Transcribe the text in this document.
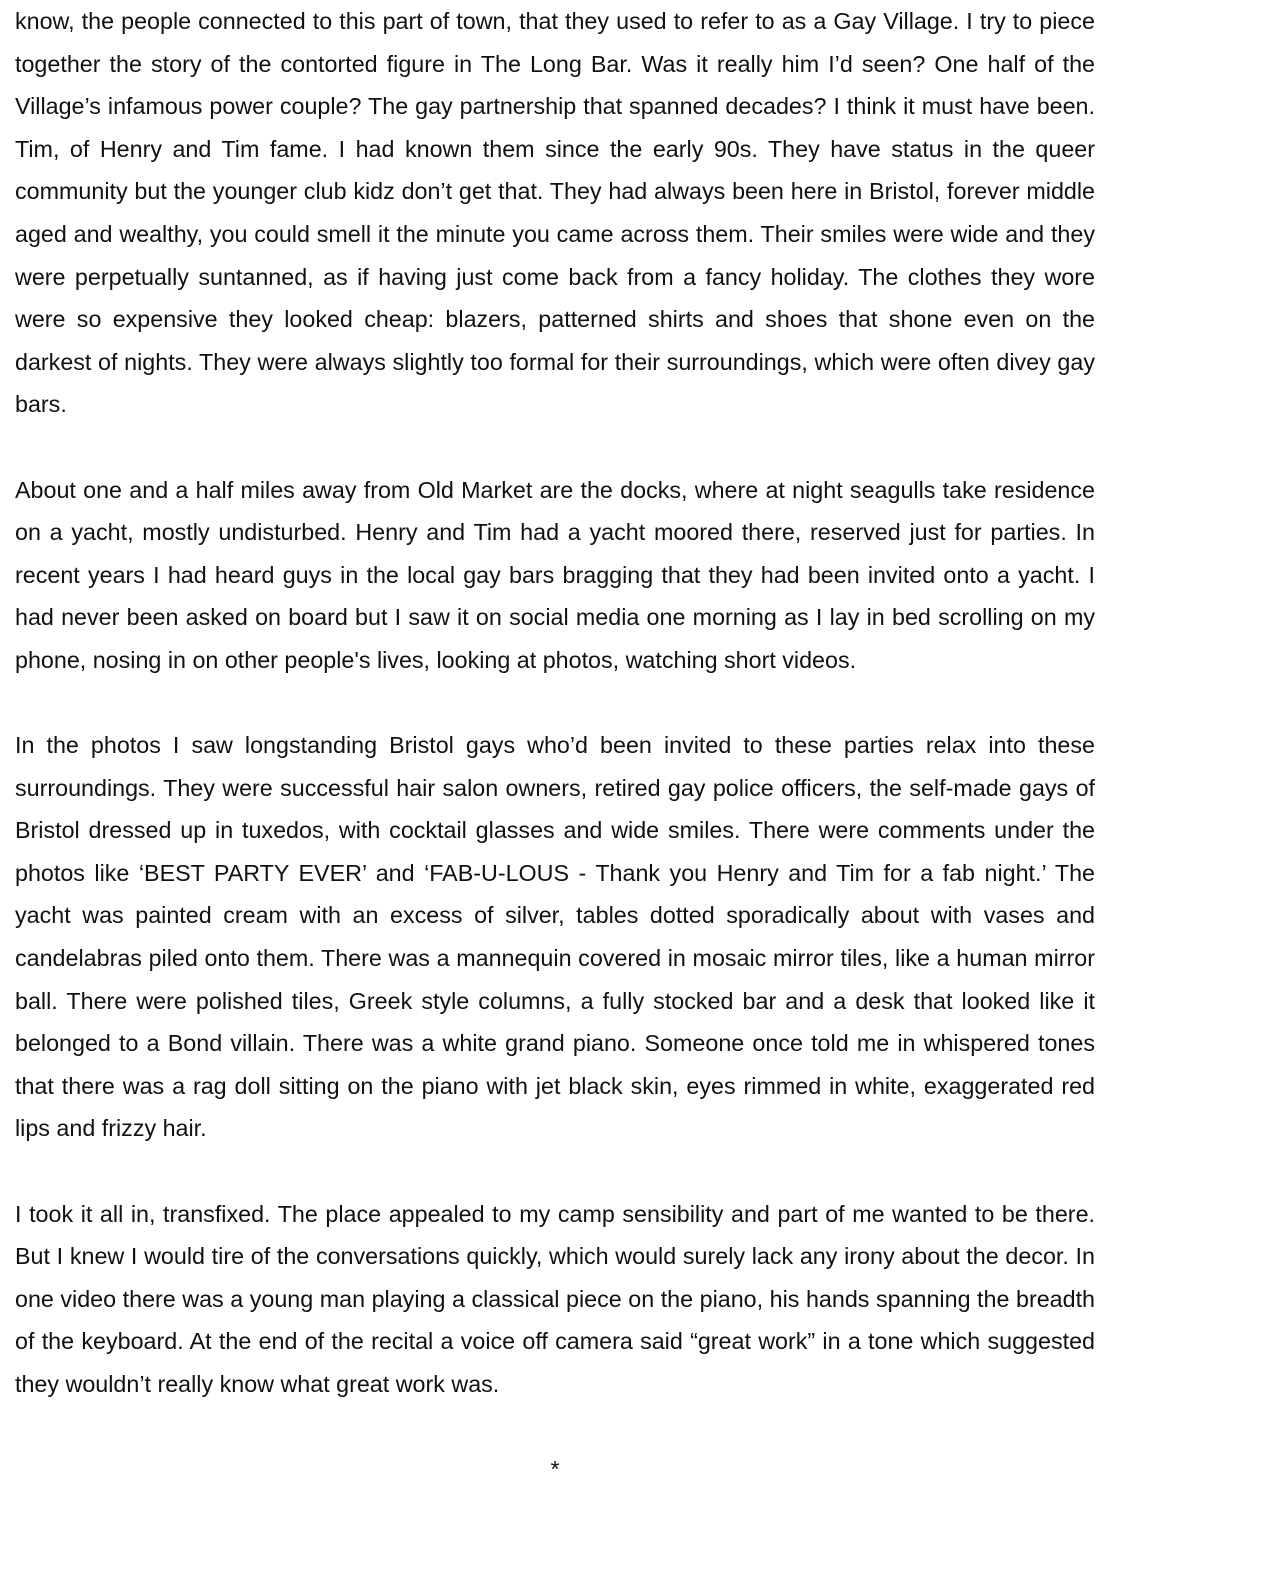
know, the people connected to this part of town, that they used to refer to as a Gay Village. I try to piece together the story of the contorted figure in The Long Bar. Was it really him I’d seen? One half of the Village’s infamous power couple? The gay partnership that spanned decades? I think it must have been. Tim, of Henry and Tim fame. I had known them since the early 90s. They have status in the queer community but the younger club kidz don’t get that. They had always been here in Bristol, forever middle aged and wealthy, you could smell it the minute you came across them. Their smiles were wide and they were perpetually suntanned, as if having just come back from a fancy holiday. The clothes they wore were so expensive they looked cheap: blazers, patterned shirts and shoes that shone even on the darkest of nights. They were always slightly too formal for their surroundings, which were often divey gay bars.

About one and a half miles away from Old Market are the docks, where at night seagulls take residence on a yacht, mostly undisturbed. Henry and Tim had a yacht moored there, reserved just for parties. In recent years I had heard guys in the local gay bars bragging that they had been invited onto a yacht. I had never been asked on board but I saw it on social media one morning as I lay in bed scrolling on my phone, nosing in on other people's lives, looking at photos, watching short videos.

In the photos I saw longstanding Bristol gays who’d been invited to these parties relax into these surroundings. They were successful hair salon owners, retired gay police officers, the self-made gays of Bristol dressed up in tuxedos, with cocktail glasses and wide smiles. There were comments under the photos like ‘BEST PARTY EVER’ and ‘FAB-U-LOUS - Thank you Henry and Tim for a fab night.’ The yacht was painted cream with an excess of silver, tables dotted sporadically about with vases and candelabras piled onto them. There was a mannequin covered in mosaic mirror tiles, like a human mirror ball. There were polished tiles, Greek style columns, a fully stocked bar and a desk that looked like it belonged to a Bond villain. There was a white grand piano. Someone once told me in whispered tones that there was a rag doll sitting on the piano with jet black skin, eyes rimmed in white, exaggerated red lips and frizzy hair.

I took it all in, transfixed. The place appealed to my camp sensibility and part of me wanted to be there. But I knew I would tire of the conversations quickly, which would surely lack any irony about the decor. In one video there was a young man playing a classical piece on the piano, his hands spanning the breadth of the keyboard. At the end of the recital a voice off camera said “great work” in a tone which suggested they wouldn’t really know what great work was.

*
